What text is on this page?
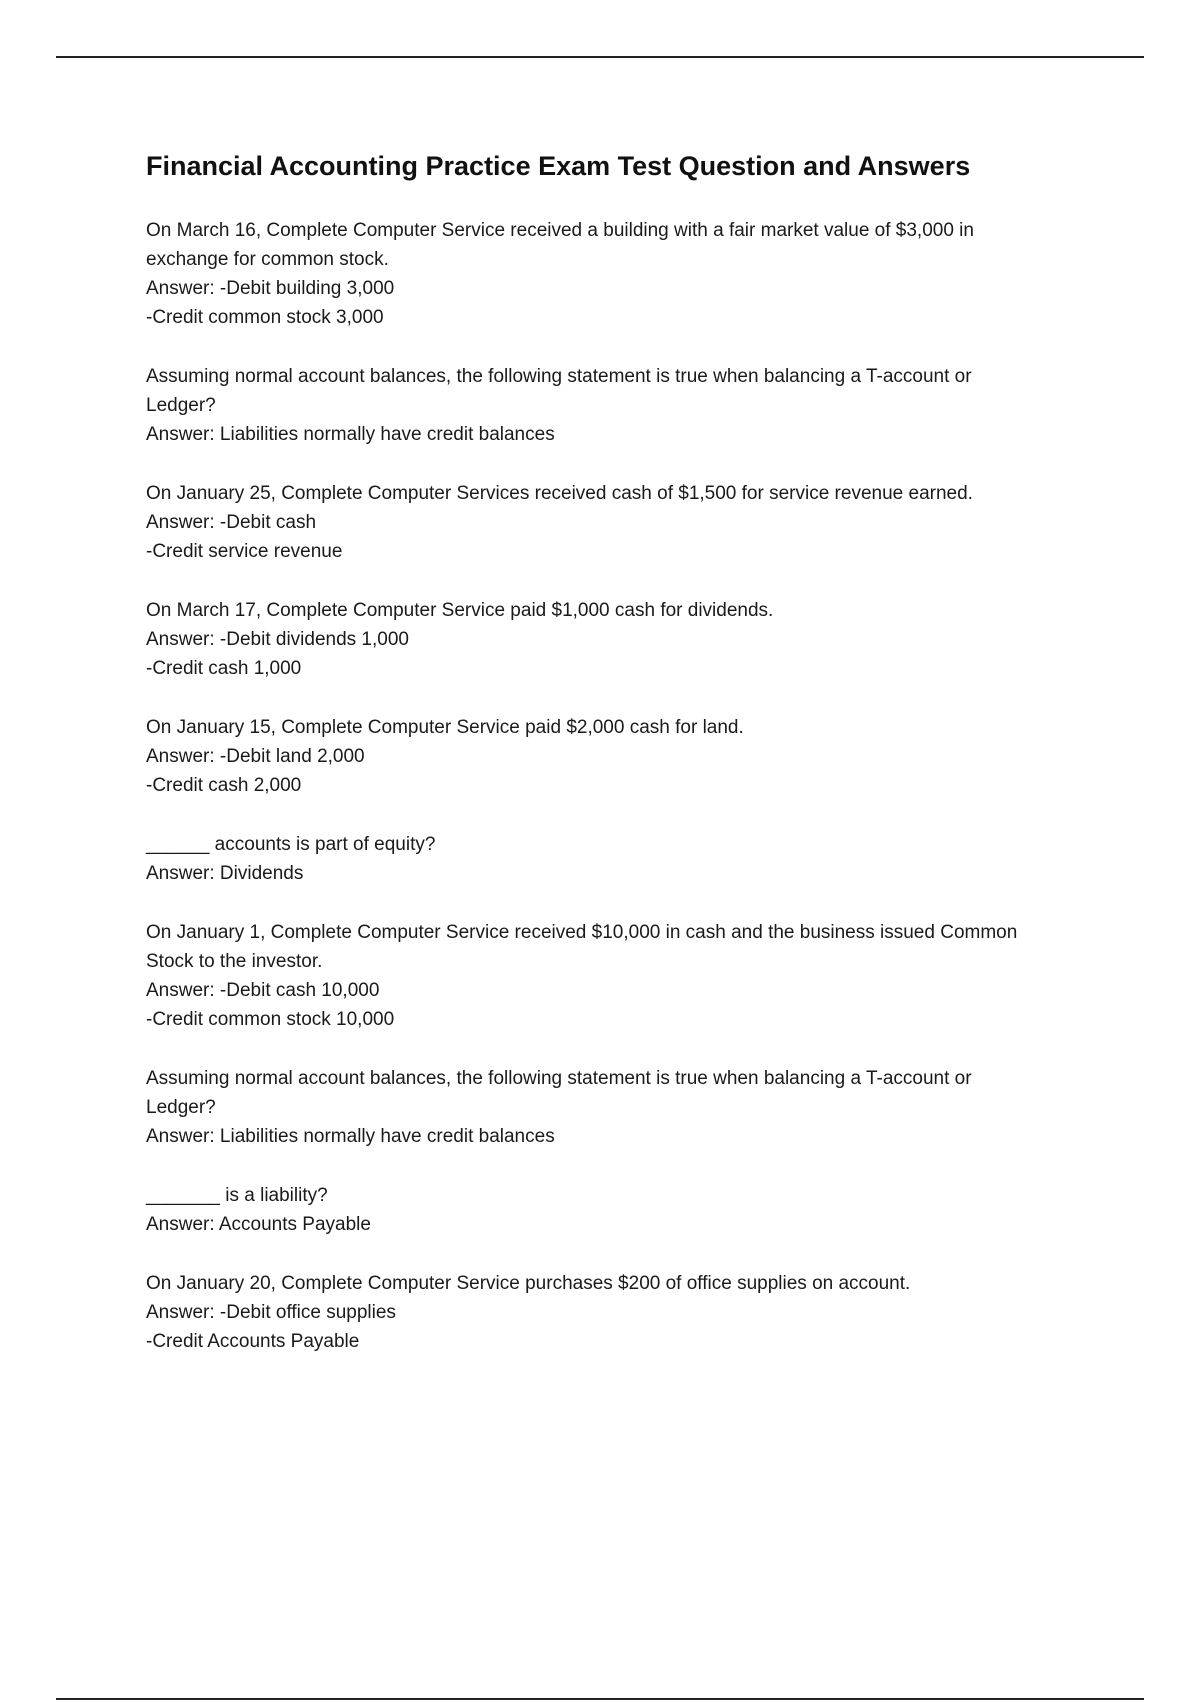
Financial Accounting Practice Exam Test Question and Answers

On March 16, Complete Computer Service received a building with a fair market value of $3,000 in

exchange for common stock.

Answer: -Debit building 3,000

-Credit common stock 3,000

Assuming normal account balances, the following statement is true when balancing a T-account or

Ledger?

Answer: Liabilities normally have credit balances

On January 25, Complete Computer Services received cash of $1,500 for service revenue earned.

Answer: -Debit cash

-Credit service revenue

On March 17, Complete Computer Service paid $1,000 cash for dividends.

Answer: -Debit dividends 1,000

-Credit cash 1,000

On January 15, Complete Computer Service paid $2,000 cash for land.

Answer: -Debit land 2,000

-Credit cash 2,000

______ accounts is part of equity?

Answer: Dividends

On January 1, Complete Computer Service received $10,000 in cash and the business issued Common

Stock to the investor.

Answer: -Debit cash 10,000

-Credit common stock 10,000

Assuming normal account balances, the following statement is true when balancing a T-account or

Ledger?

Answer: Liabilities normally have credit balances

_______ is a liability?

Answer: Accounts Payable

On January 20, Complete Computer Service purchases $200 of office supplies on account.

Answer: -Debit office supplies

-Credit Accounts Payable
